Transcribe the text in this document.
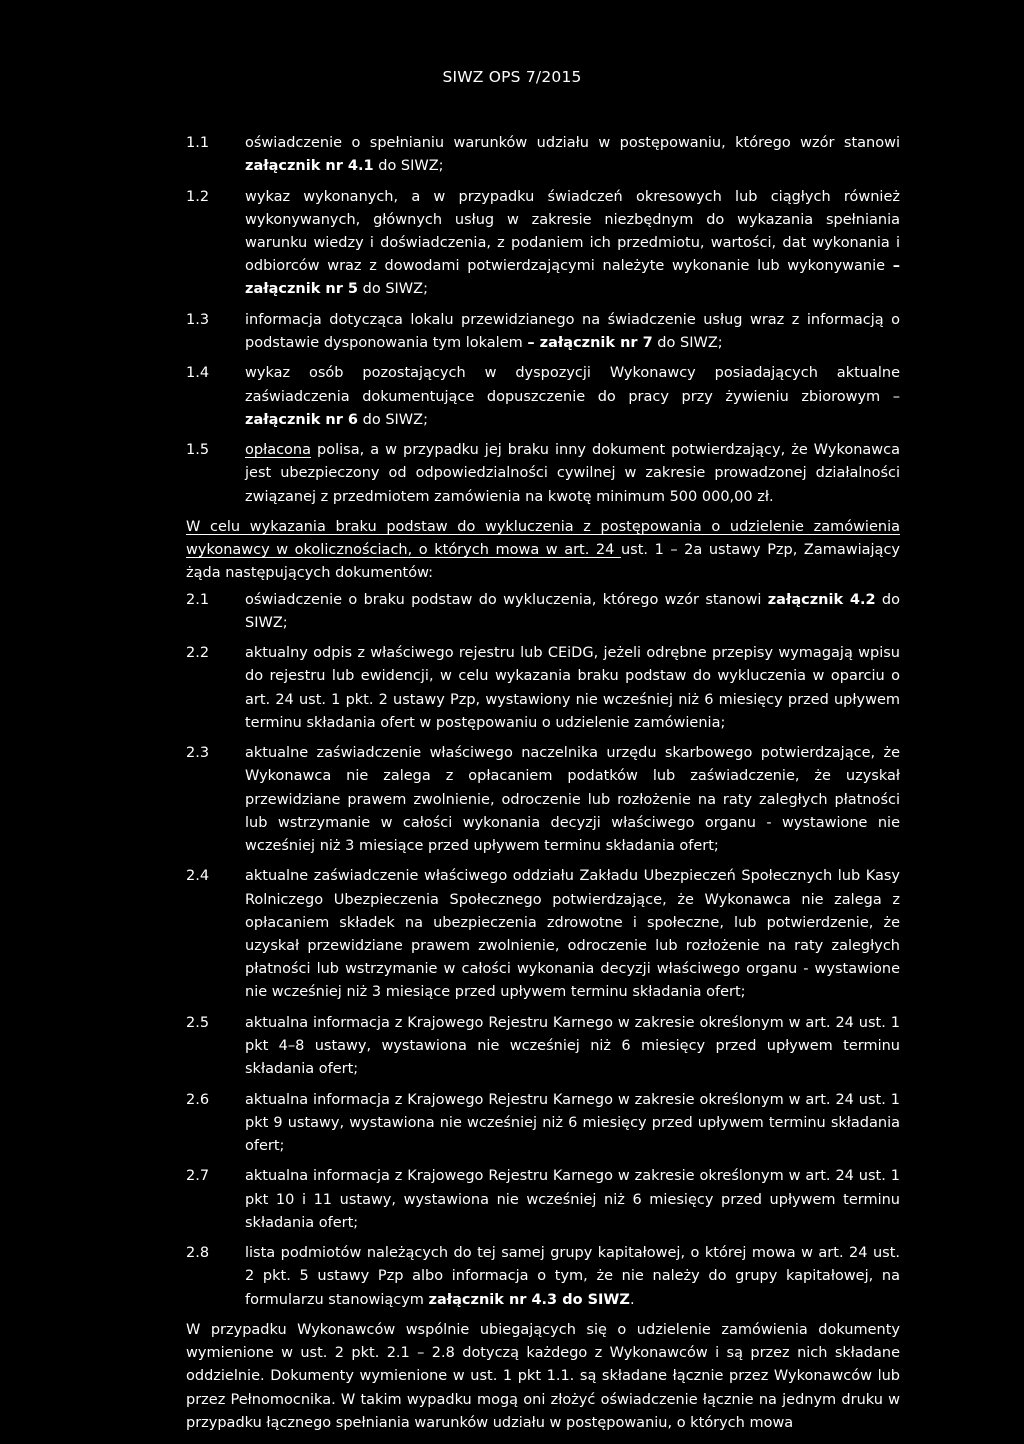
SIWZ OPS 7/2015
1.1	oświadczenie o spełnianiu warunków udziału w postępowaniu, którego wzór stanowi załącznik nr 4.1 do SIWZ;
1.2	wykaz wykonanych, a w przypadku świadczeń okresowych lub ciągłych również wykonywanych, głównych usług w zakresie niezbędnym do wykazania spełniania warunku wiedzy i doświadczenia, z podaniem ich przedmiotu, wartości, dat wykonania i odbiorców wraz z dowodami potwierdzającymi należyte wykonanie lub wykonywanie – załącznik nr 5 do SIWZ;
1.3	informacja dotycząca lokalu przewidzianego na świadczenie usług wraz z informacją o podstawie dysponowania tym lokalem – załącznik nr 7 do SIWZ;
1.4	wykaz osób pozostających w dyspozycji Wykonawcy posiadających aktualne zaświadczenia dokumentujące dopuszczenie do pracy przy żywieniu zbiorowym – załącznik nr 6 do SIWZ;
1.5	opłacona polisa, a w przypadku jej braku inny dokument potwierdzający, że Wykonawca jest ubezpieczony od odpowiedzialności cywilnej w zakresie prowadzonej działalności związanej z przedmiotem zamówienia na kwotę minimum 500 000,00 zł.
W celu wykazania braku podstaw do wykluczenia z postępowania o udzielenie zamówienia wykonawcy w okolicznościach, o których mowa w art. 24 ust. 1 – 2a ustawy Pzp, Zamawiający żąda następujących dokumentów:
2.1	oświadczenie o braku podstaw do wykluczenia, którego wzór stanowi załącznik 4.2 do SIWZ;
2.2	aktualny odpis z właściwego rejestru lub CEiDG, jeżeli odrębne przepisy wymagają wpisu do rejestru lub ewidencji, w celu wykazania braku podstaw do wykluczenia w oparciu o art. 24 ust. 1 pkt. 2 ustawy Pzp, wystawiony nie wcześniej niż 6 miesięcy przed upływem terminu składania ofert w postępowaniu o udzielenie zamówienia;
2.3	aktualne zaświadczenie właściwego naczelnika urzędu skarbowego potwierdzające, że Wykonawca nie zalega z opłacaniem podatków lub zaświadczenie, że uzyskał przewidziane prawem zwolnienie, odroczenie lub rozłożenie na raty zaległych płatności lub wstrzymanie w całości wykonania decyzji właściwego organu - wystawione nie wcześniej niż 3 miesiące przed upływem terminu składania ofert;
2.4	aktualne zaświadczenie właściwego oddziału Zakładu Ubezpieczeń Społecznych lub Kasy Rolniczego Ubezpieczenia Społecznego potwierdzające, że Wykonawca nie zalega z opłacaniem składek na ubezpieczenia zdrowotne i społeczne, lub potwierdzenie, że uzyskał przewidziane prawem zwolnienie, odroczenie lub rozłożenie na raty zaległych płatności lub wstrzymanie w całości wykonania decyzji właściwego organu - wystawione nie wcześniej niż 3 miesiące przed upływem terminu składania ofert;
2.5	aktualna informacja z Krajowego Rejestru Karnego w zakresie określonym w art. 24 ust. 1 pkt 4–8 ustawy, wystawiona nie wcześniej niż 6 miesięcy przed upływem terminu składania ofert;
2.6	aktualna informacja z Krajowego Rejestru Karnego w zakresie określonym w art. 24 ust. 1 pkt 9 ustawy, wystawiona nie wcześniej niż 6 miesięcy przed upływem terminu składania ofert;
2.7	aktualna informacja z Krajowego Rejestru Karnego w zakresie określonym w art. 24 ust. 1 pkt 10 i 11 ustawy, wystawiona nie wcześniej niż 6 miesięcy przed upływem terminu składania ofert;
2.8	lista podmiotów należących do tej samej grupy kapitałowej, o której mowa w art. 24 ust. 2 pkt. 5 ustawy Pzp albo informacja o tym, że nie należy do grupy kapitałowej, na formularzu stanowiącym załącznik nr 4.3 do SIWZ.
W przypadku Wykonawców wspólnie ubiegających się o udzielenie zamówienia dokumenty wymienione w ust. 2 pkt. 2.1 – 2.8 dotyczą każdego z Wykonawców i są przez nich składane oddzielnie. Dokumenty wymienione w ust. 1 pkt 1.1. są składane łącznie przez Wykonawców lub przez Pełnomocnika. W takim wypadku mogą oni złożyć oświadczenie łącznie na jednym druku w przypadku łącznego spełniania warunków udziału w postępowaniu, o których mowa
